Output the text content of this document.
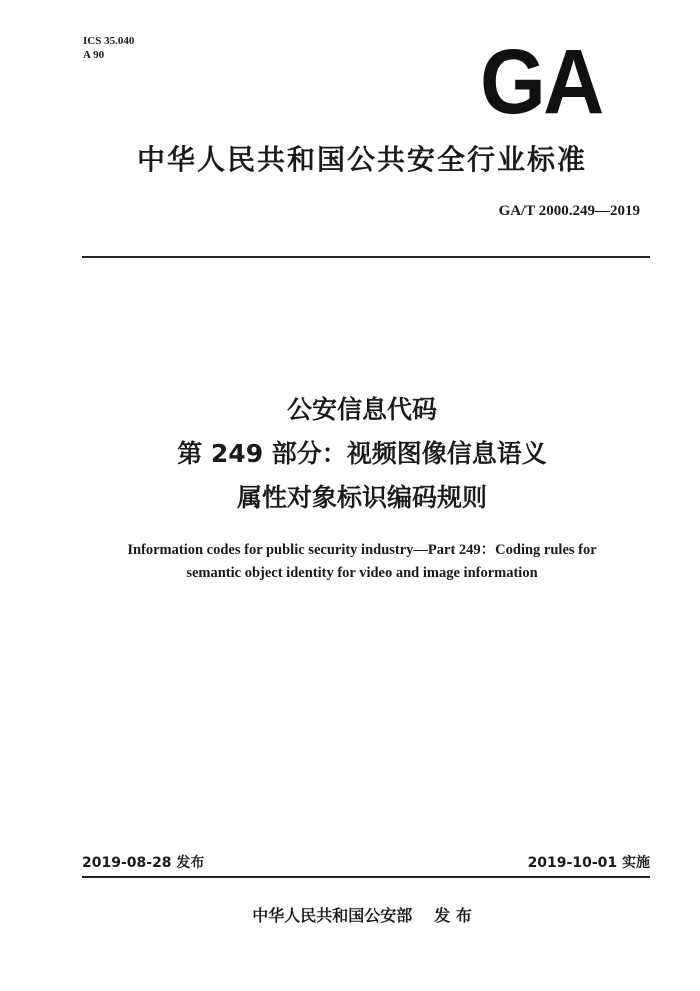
ICS 35.040
A 90	GA
中华人民共和国公共安全行业标准
GA/T 2000.249—2019
公安信息代码
第 249 部分：视频图像信息语义
属性对象标识编码规则
Information codes for public security industry—Part 249：Coding rules for
semantic object identity for video and image information
2019-08-28 发布	2019-10-01 实施
中华人民共和国公安部 发 布
